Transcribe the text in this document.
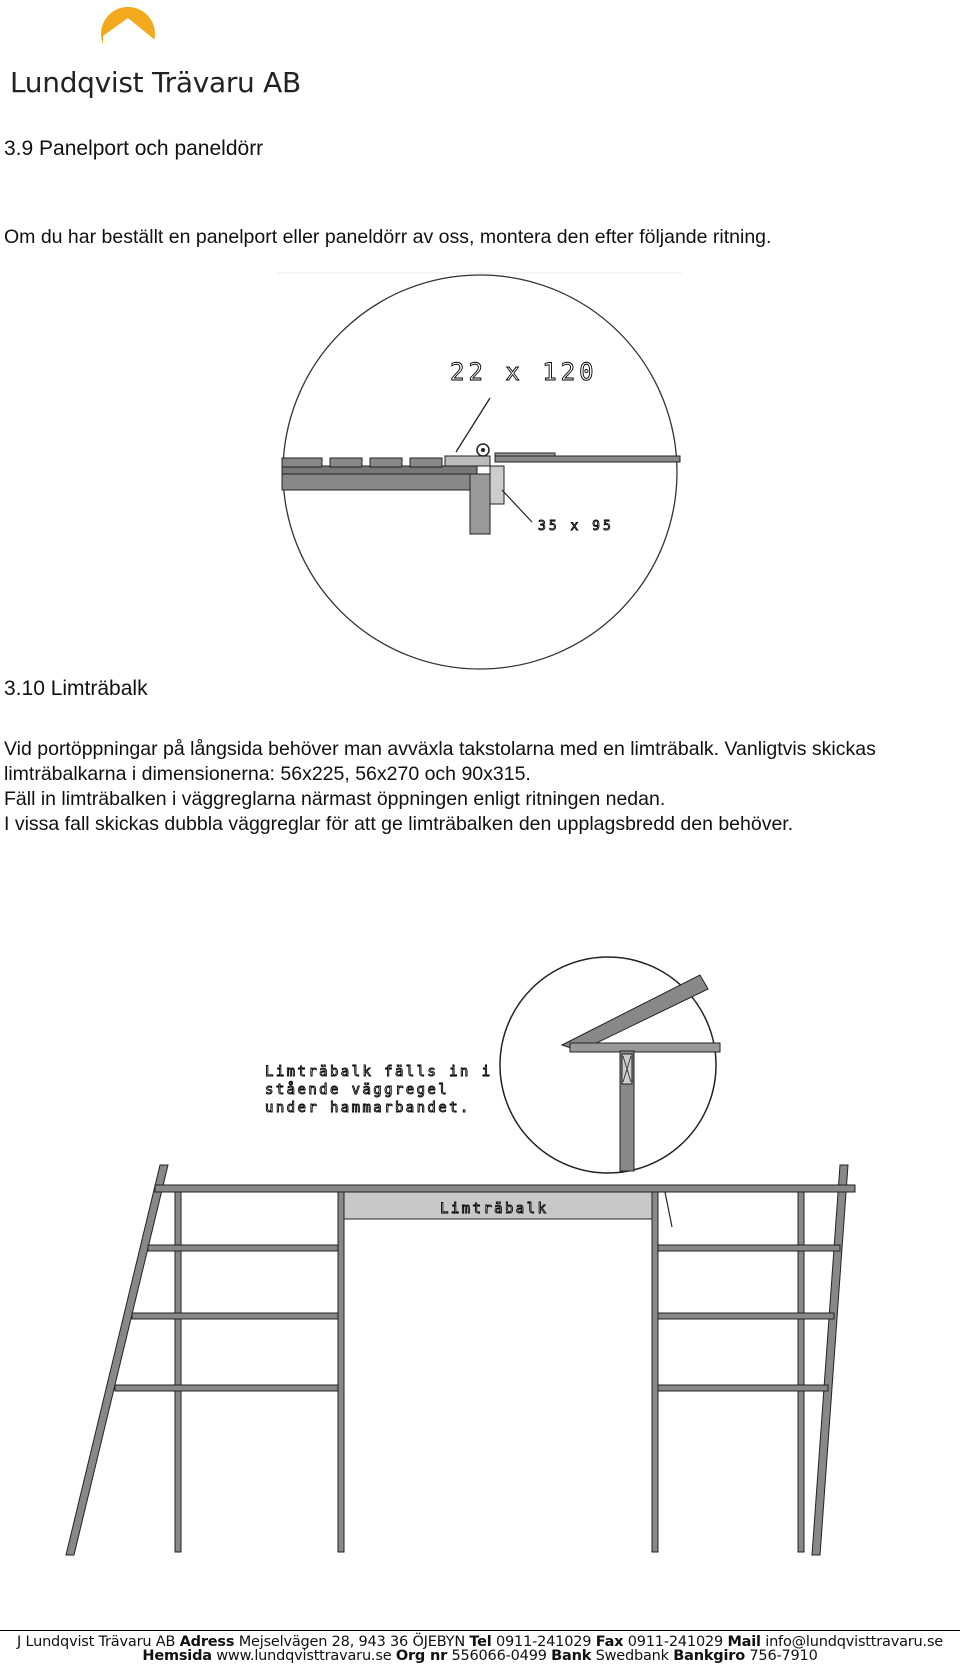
Lundqvist Trävaru AB
3.9 Panelport och paneldörr
Om du har beställt en panelport eller paneldörr av oss, montera den efter följande ritning.
22 x 120
35 x 95
3.10 Limträbalk
Vid portöppningar på långsida behöver man avväxla takstolarna med en limträbalk. Vanligtvis skickas
limträbalkarna i dimensionerna: 56x225, 56x270 och 90x315.
Fäll in limträbalken i väggreglarna närmast öppningen enligt ritningen nedan.
I vissa fall skickas dubbla väggreglar för att ge limträbalken den upplagsbredd den behöver.
Limträbalk fälls in i
stående väggregel
under hammarbandet.
Limträbalk
J Lundqvist Trävaru AB Adress Mejselvägen 28, 943 36 ÖJEBYN Tel 0911-241029 Fax 0911-241029 Mail info@lundqvisttravaru.se
Hemsida www.lundqvisttravaru.se Org nr 556066-0499 Bank Swedbank Bankgiro 756-7910
